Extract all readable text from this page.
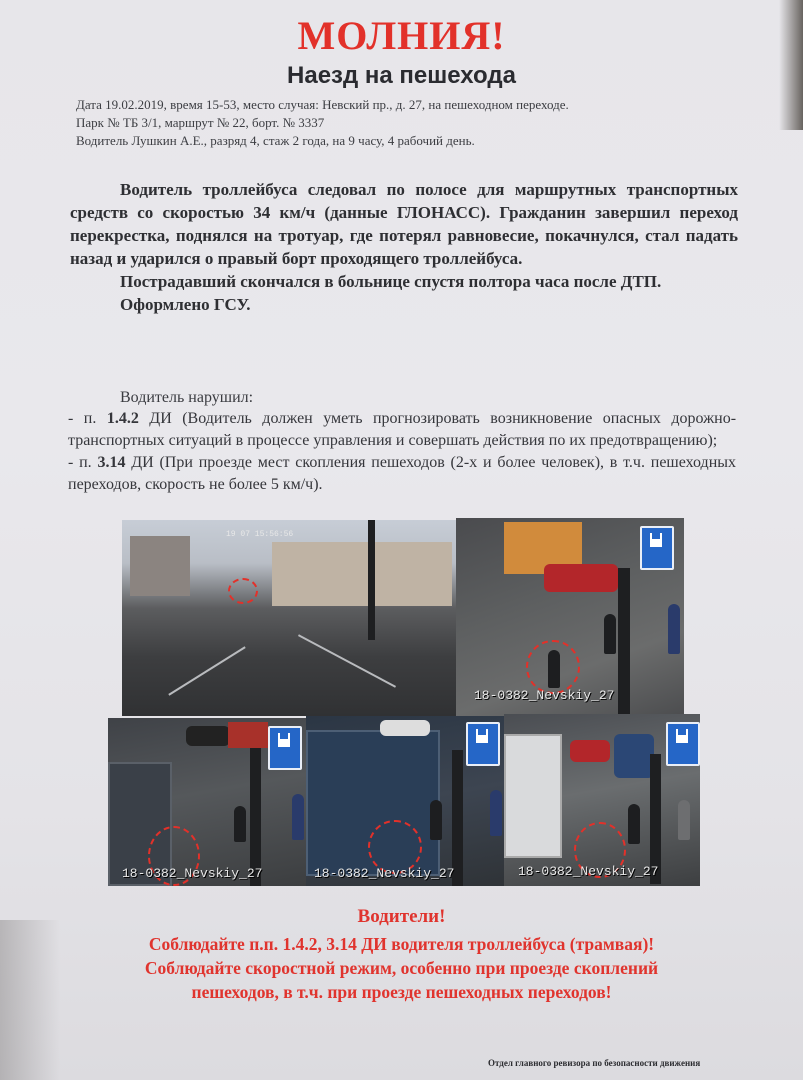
МОЛНИЯ!
Наезд на пешехода
Дата 19.02.2019, время 15-53, место случая: Невский пр., д. 27, на пешеходном переходе.
Парк № ТБ 3/1, маршрут № 22, борт. № 3337
Водитель Лушкин А.Е., разряд 4, стаж 2 года, на 9 часу, 4 рабочий день.

Водитель троллейбуса следовал по полосе для маршрутных транспортных средств со скоростью 34 км/ч (данные ГЛОНАСС). Гражданин завершил переход перекрестка, поднялся на тротуар, где потерял равновесие, покачнулся, стал падать назад и ударился о правый борт проходящего троллейбуса.

Пострадавший скончался в больнице спустя полтора часа после ДТП.

Оформлено ГСУ.

Водитель нарушил:

- п. 1.4.2 ДИ (Водитель должен уметь прогнозировать возникновение опасных дорожно-транспортных ситуаций в процессе управления и совершать действия по их предотвращению);

- п. 3.14 ДИ (При проезде мест скопления пешеходов (2-х и более человек), в т.ч. пешеходных переходов, скорость не более 5 км/ч).

19 07 15:56:56
18-0382_Nevskiy_27
18-0382_Nevskiy_27	18-0382_Nevskiy_27	18-0382_Nevskiy_27
Водители!
Соблюдайте п.п. 1.4.2, 3.14 ДИ водителя троллейбуса (трамвая)!
Соблюдайте скоростной режим, особенно при проезде скоплений
пешеходов, в т.ч. при проезде пешеходных переходов!
Отдел главного ревизора по безопасности движения
